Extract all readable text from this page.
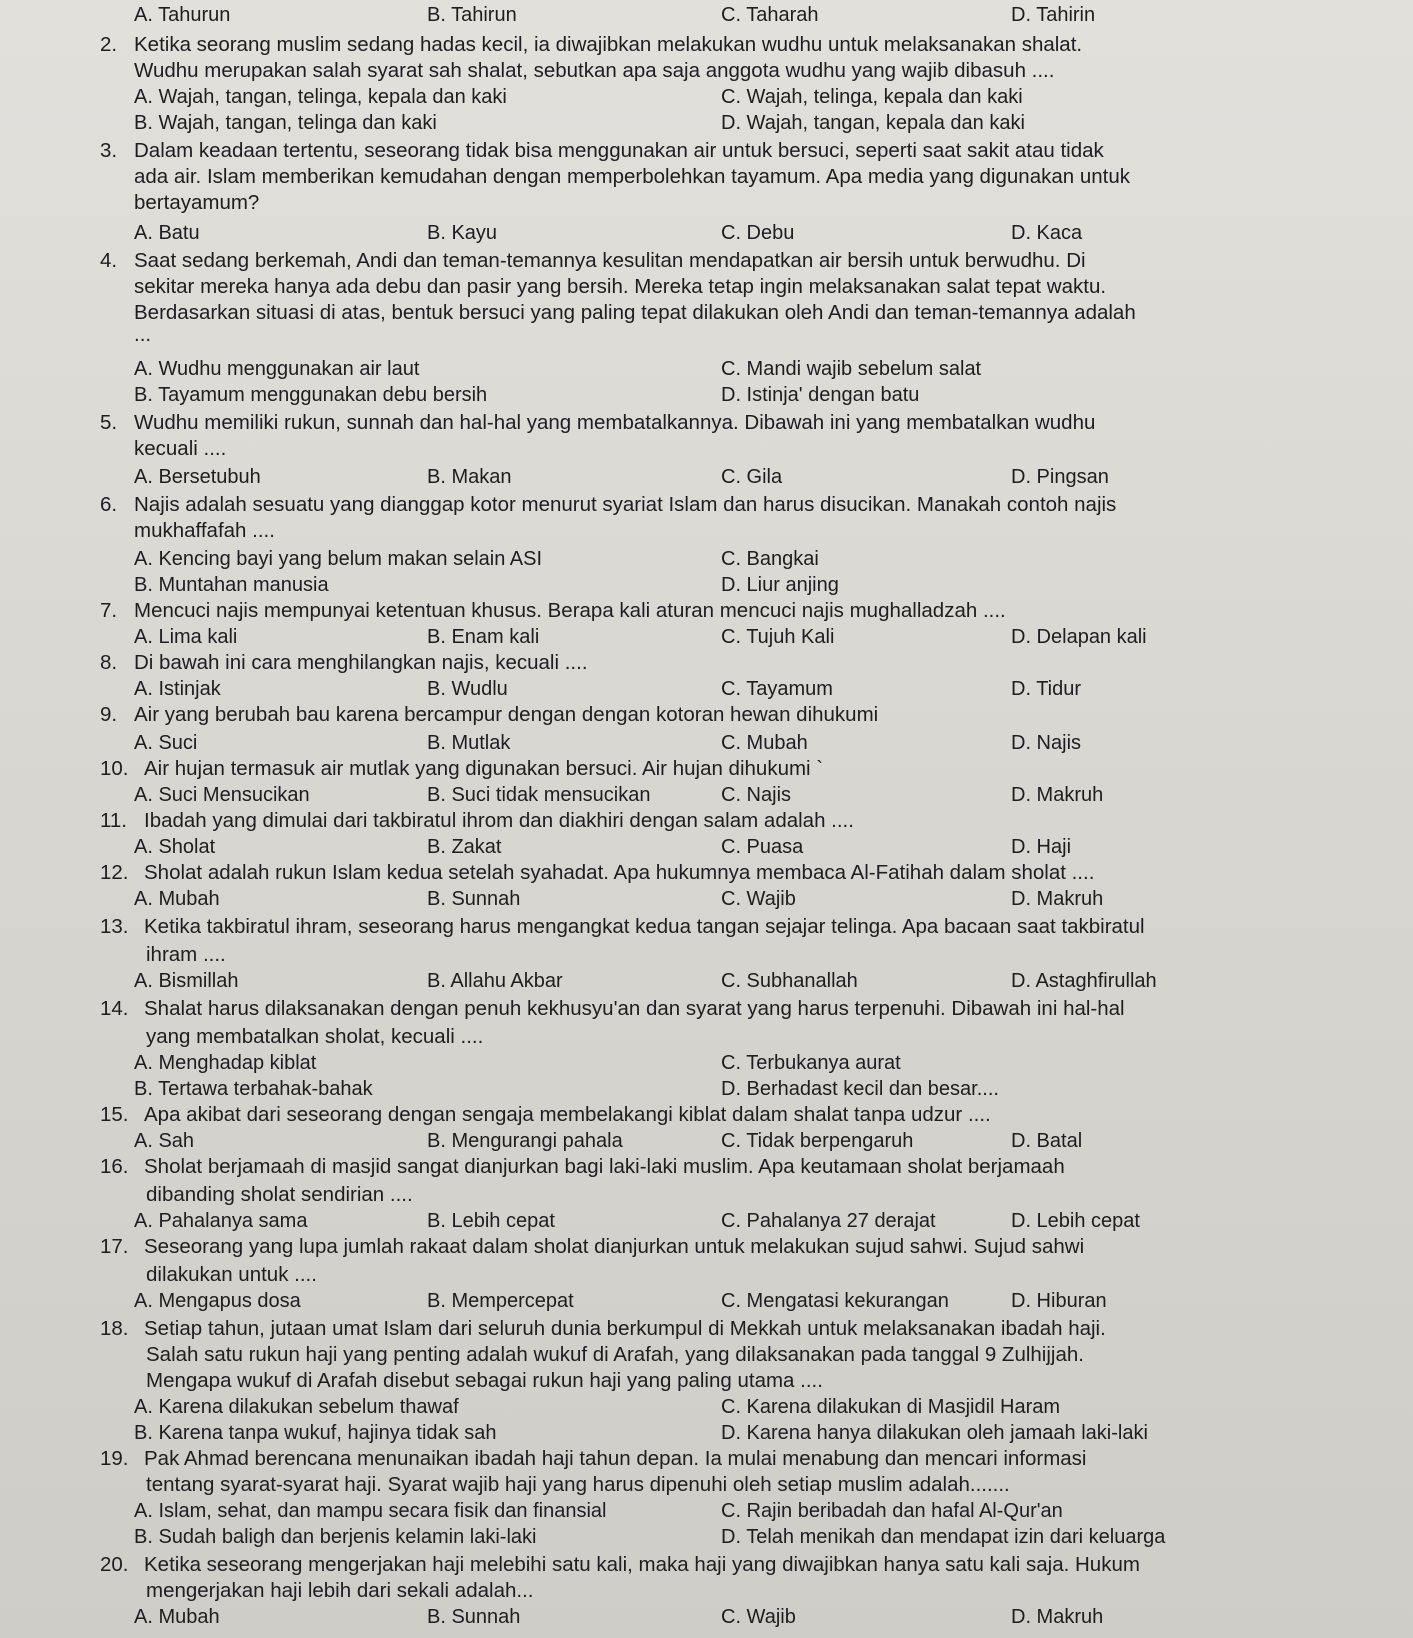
A. Tahurun	B. Tahirun	C. Taharah	D. Tahirin
2. Ketika seorang muslim sedang hadas kecil, ia diwajibkan melakukan wudhu untuk melaksanakan shalat.
Wudhu merupakan salah syarat sah shalat, sebutkan apa saja anggota wudhu yang wajib dibasuh ....
A. Wajah, tangan, telinga, kepala dan kaki	C. Wajah, telinga, kepala dan kaki
B. Wajah, tangan, telinga dan kaki	D. Wajah, tangan, kepala dan kaki
3. Dalam keadaan tertentu, seseorang tidak bisa menggunakan air untuk bersuci, seperti saat sakit atau tidak
ada air. Islam memberikan kemudahan dengan memperbolehkan tayamum. Apa media yang digunakan untuk
bertayamum?
A. Batu	B. Kayu	C. Debu	D. Kaca
4. Saat sedang berkemah, Andi dan teman-temannya kesulitan mendapatkan air bersih untuk berwudhu. Di
sekitar mereka hanya ada debu dan pasir yang bersih. Mereka tetap ingin melaksanakan salat tepat waktu.
Berdasarkan situasi di atas, bentuk bersuci yang paling tepat dilakukan oleh Andi dan teman-temannya adalah
...
A. Wudhu menggunakan air laut	C. Mandi wajib sebelum salat
B. Tayamum menggunakan debu bersih	D. Istinja' dengan batu
5. Wudhu memiliki rukun, sunnah dan hal-hal yang membatalkannya. Dibawah ini yang membatalkan wudhu
kecuali ....
A. Bersetubuh	B. Makan	C. Gila	D. Pingsan
6. Najis adalah sesuatu yang dianggap kotor menurut syariat Islam dan harus disucikan. Manakah contoh najis
mukhaffafah ....
A. Kencing bayi yang belum makan selain ASI	C. Bangkai
B. Muntahan manusia	D. Liur anjing
7. Mencuci najis mempunyai ketentuan khusus. Berapa kali aturan mencuci najis mughalladzah ....
A. Lima kali	B. Enam kali	C. Tujuh Kali	D. Delapan kali
8. Di bawah ini cara menghilangkan najis, kecuali ....
A. Istinjak	B. Wudlu	C. Tayamum	D. Tidur
9. Air yang berubah bau karena bercampur dengan dengan kotoran hewan dihukumi
A. Suci	B. Mutlak	C. Mubah	D. Najis
10. Air hujan termasuk air mutlak yang digunakan bersuci. Air hujan dihukumi `
A. Suci Mensucikan	B. Suci tidak mensucikan	C. Najis	D. Makruh
11. Ibadah yang dimulai dari takbiratul ihrom dan diakhiri dengan salam adalah ....
A. Sholat	B. Zakat	C. Puasa	D. Haji
12. Sholat adalah rukun Islam kedua setelah syahadat. Apa hukumnya membaca Al-Fatihah dalam sholat ....
A. Mubah	B. Sunnah	C. Wajib	D. Makruh
13. Ketika takbiratul ihram, seseorang harus mengangkat kedua tangan sejajar telinga. Apa bacaan saat takbiratul
ihram ....
A. Bismillah	B. Allahu Akbar	C. Subhanallah	D. Astaghfirullah
14. Shalat harus dilaksanakan dengan penuh kekhusyu'an dan syarat yang harus terpenuhi. Dibawah ini hal-hal
yang membatalkan sholat, kecuali ....
A. Menghadap kiblat	C. Terbukanya aurat
B. Tertawa terbahak-bahak	D. Berhadast kecil dan besar....
15. Apa akibat dari seseorang dengan sengaja membelakangi kiblat dalam shalat tanpa udzur ....
A. Sah	B. Mengurangi pahala	C. Tidak berpengaruh	D. Batal
16. Sholat berjamaah di masjid sangat dianjurkan bagi laki-laki muslim. Apa keutamaan sholat berjamaah
dibanding sholat sendirian ....
A. Pahalanya sama	B. Lebih cepat	C. Pahalanya 27 derajat	D. Lebih cepat
17. Seseorang yang lupa jumlah rakaat dalam sholat dianjurkan untuk melakukan sujud sahwi. Sujud sahwi
dilakukan untuk ....
A. Mengapus dosa	B. Mempercepat	C. Mengatasi kekurangan	D. Hiburan
18. Setiap tahun, jutaan umat Islam dari seluruh dunia berkumpul di Mekkah untuk melaksanakan ibadah haji.
Salah satu rukun haji yang penting adalah wukuf di Arafah, yang dilaksanakan pada tanggal 9 Zulhijjah.
Mengapa wukuf di Arafah disebut sebagai rukun haji yang paling utama ....
A. Karena dilakukan sebelum thawaf	C. Karena dilakukan di Masjidil Haram
B. Karena tanpa wukuf, hajinya tidak sah	D. Karena hanya dilakukan oleh jamaah laki-laki
19. Pak Ahmad berencana menunaikan ibadah haji tahun depan. Ia mulai menabung dan mencari informasi
tentang syarat-syarat haji. Syarat wajib haji yang harus dipenuhi oleh setiap muslim adalah.......
A. Islam, sehat, dan mampu secara fisik dan finansial	C. Rajin beribadah dan hafal Al-Qur'an
B. Sudah baligh dan berjenis kelamin laki-laki	D. Telah menikah dan mendapat izin dari keluarga
20. Ketika seseorang mengerjakan haji melebihi satu kali, maka haji yang diwajibkan hanya satu kali saja. Hukum
mengerjakan haji lebih dari sekali adalah...
A. Mubah	B. Sunnah	C. Wajib	D. Makruh
